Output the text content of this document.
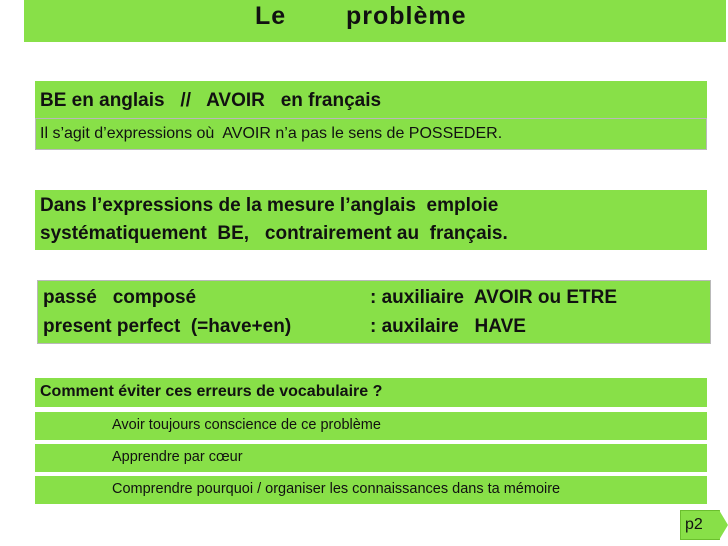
Le   problème
BE en anglais   //   AVOIR   en français
Il s’agit d’expressions où  AVOIR n’a pas le sens de POSSEDER.
Dans l’expressions de la mesure l’anglais  emploie
systématiquement  BE,   contrairement au  français.
passé   composé	: auxiliaire  AVOIR ou ETRE
present perfect  (=have+en)	: auxilaire   HAVE
Comment éviter ces erreurs de vocabulaire ?
Avoir toujours conscience de ce problème
Apprendre par cœur
Comprendre pourquoi / organiser les connaissances dans ta mémoire
p2
